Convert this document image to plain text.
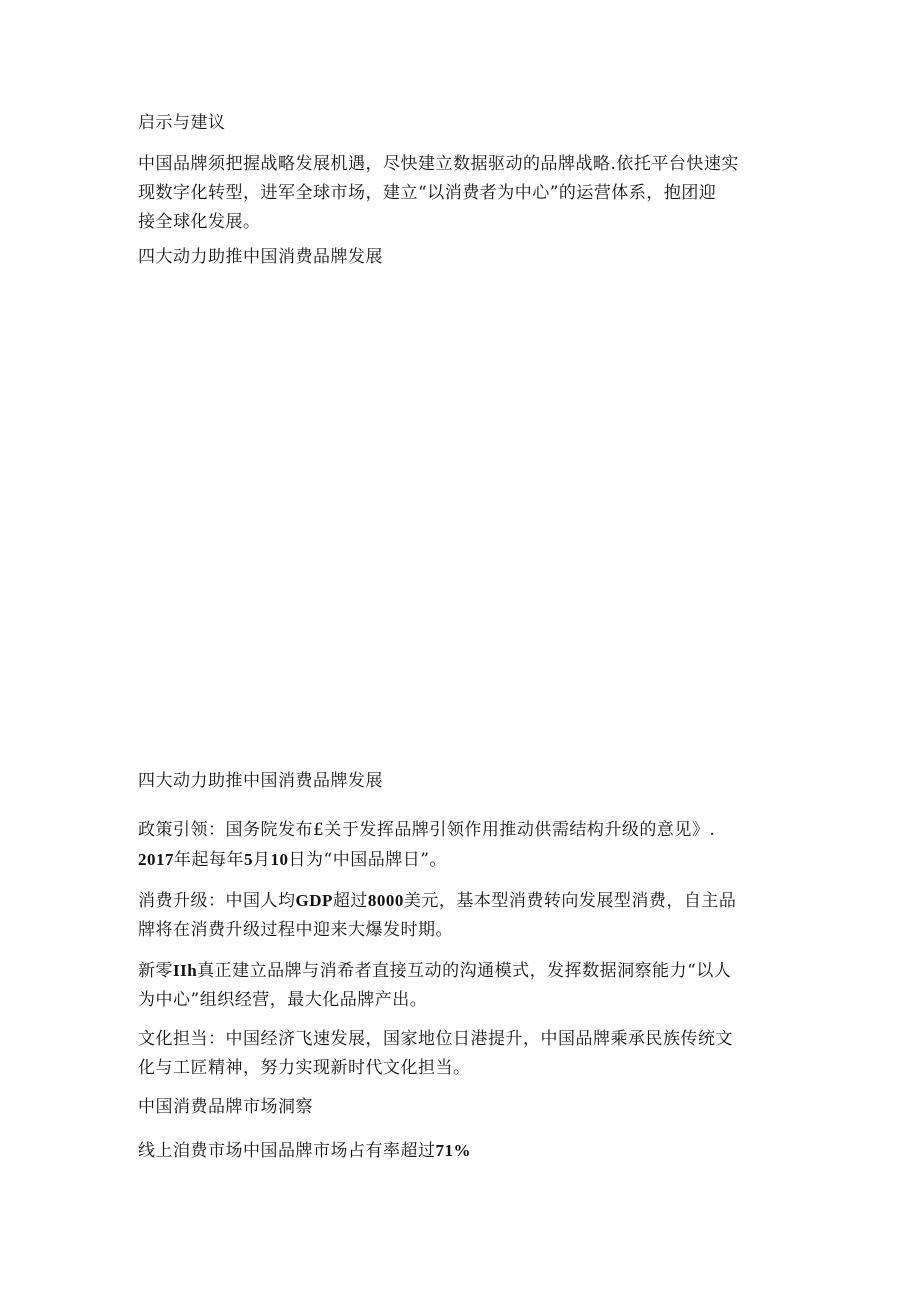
启示与建议

中国品牌须把握战略发展机遇，尽快建立数据驱动的品牌战略.依托平台快速实
现数字化转型，进军全球市场，建立“以消费者为中心”的运营体系，抱团迎
接全球化发展。

四大动力助推中国消费品牌发展

四大动力助推中国消费品牌发展

政策引领：国务院发布£关于发挥品牌引领作用推动供需结构升级的意见》.
2017年起每年5月10日为“中国品牌日”。

消费升级：中国人均GDP超过8000美元，基本型消费转向发展型消费，自主品
牌将在消费升级过程中迎来大爆发时期。

新零IIh真正建立品牌与消希者直接互动的沟通模式，发挥数据洞察能力“以人
为中心”组织经营，最大化品牌产出。

文化担当：中国经济飞速发展，国家地位日港提升，中国品牌乘承民族传统文
化与工匠精神，努力实现新时代文化担当。

中国消费品牌市场洞察

线上洎费市场中国品牌市场占有率超过71%
